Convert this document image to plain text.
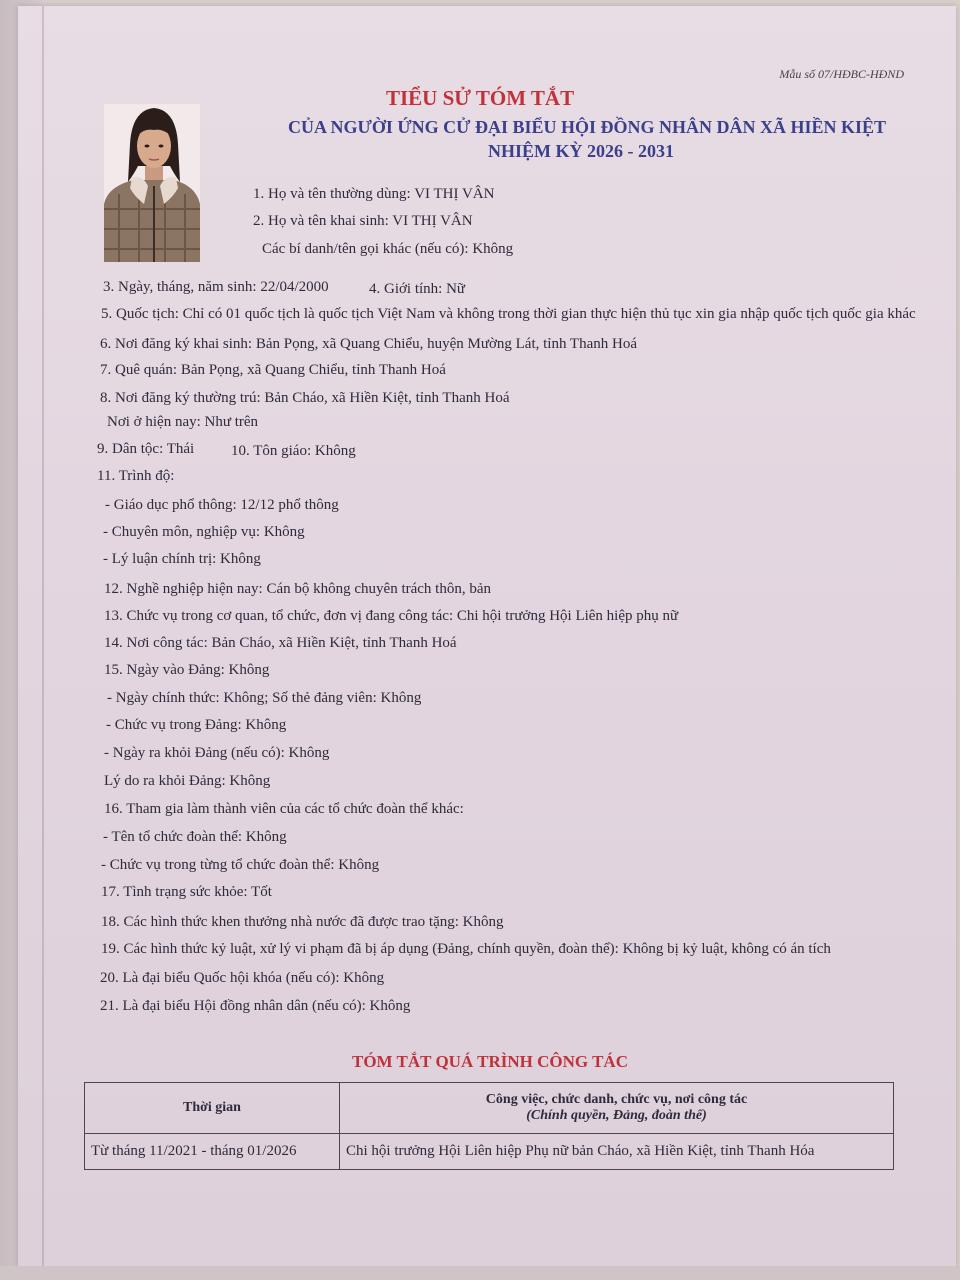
Mẫu số 07/HĐBC-HĐND
TIỂU SỬ TÓM TẮT
CỦA NGƯỜI ỨNG CỬ ĐẠI BIỂU HỘI ĐỒNG NHÂN DÂN XÃ HIỀN KIỆT
NHIỆM KỲ 2026 - 2031
1. Họ và tên thường dùng: VI THỊ VÂN
2. Họ và tên khai sinh: VI THỊ VÂN
Các bí danh/tên gọi khác (nếu có): Không
3. Ngày, tháng, năm sinh: 22/04/2000	4. Giới tính: Nữ
5. Quốc tịch: Chỉ có 01 quốc tịch là quốc tịch Việt Nam và không trong thời gian thực hiện thủ tục xin gia nhập quốc tịch quốc gia khác
6. Nơi đăng ký khai sinh: Bản Pọng, xã Quang Chiểu, huyện Mường Lát, tỉnh Thanh Hoá
7. Quê quán: Bản Pọng, xã Quang Chiểu, tỉnh Thanh Hoá
8. Nơi đăng ký thường trú: Bản Cháo, xã Hiền Kiệt, tỉnh Thanh Hoá
Nơi ở hiện nay: Như trên
9. Dân tộc: Thái 10. Tôn giáo: Không
11. Trình độ:
- Giáo dục phổ thông: 12/12 phổ thông
- Chuyên môn, nghiệp vụ: Không
- Lý luận chính trị: Không
12. Nghề nghiệp hiện nay: Cán bộ không chuyên trách thôn, bản
13. Chức vụ trong cơ quan, tổ chức, đơn vị đang công tác: Chi hội trưởng Hội Liên hiệp phụ nữ
14. Nơi công tác: Bản Cháo, xã Hiền Kiệt, tỉnh Thanh Hoá
15. Ngày vào Đảng: Không
- Ngày chính thức: Không; Số thẻ đảng viên: Không
- Chức vụ trong Đảng: Không
- Ngày ra khỏi Đảng (nếu có): Không
Lý do ra khỏi Đảng: Không
16. Tham gia làm thành viên của các tổ chức đoàn thể khác:
- Tên tổ chức đoàn thể: Không
- Chức vụ trong từng tổ chức đoàn thể: Không
17. Tình trạng sức khỏe: Tốt
18. Các hình thức khen thưởng nhà nước đã được trao tặng: Không
19. Các hình thức kỷ luật, xử lý vi phạm đã bị áp dụng (Đảng, chính quyền, đoàn thể): Không bị kỷ luật, không có án tích
20. Là đại biểu Quốc hội khóa (nếu có): Không
21. Là đại biểu Hội đồng nhân dân (nếu có): Không
TÓM TẮT QUÁ TRÌNH CÔNG TÁC
Thời gian	Công việc, chức danh, chức vụ, nơi công tác
(Chính quyền, Đảng, đoàn thể)

Từ tháng 11/2021 - tháng 01/2026	Chi hội trưởng Hội Liên hiệp Phụ nữ bản Cháo, xã Hiền Kiệt, tỉnh Thanh Hóa
